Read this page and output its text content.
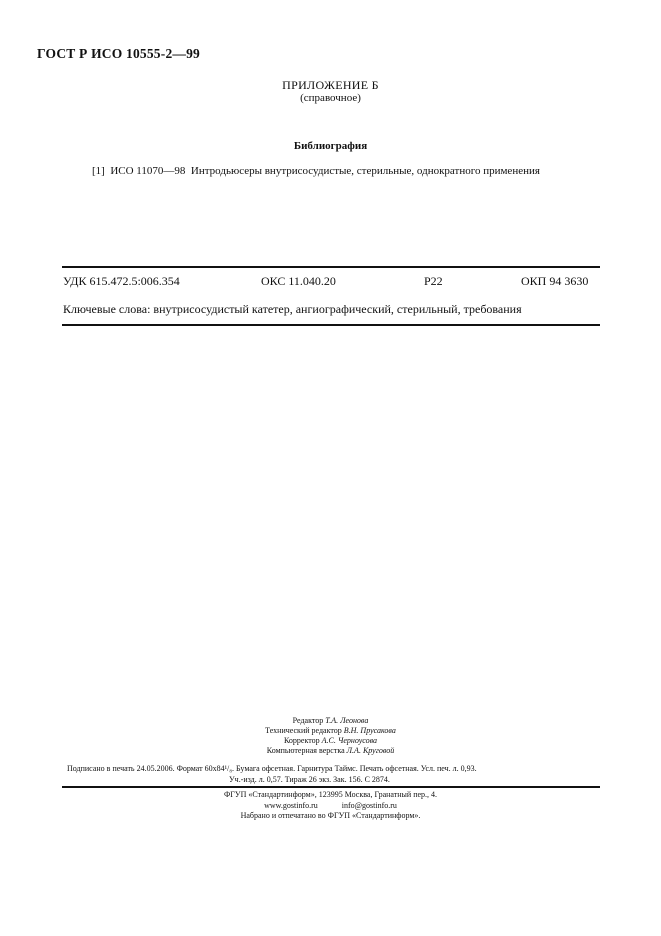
ГОСТ Р ИСО 10555-2—99
ПРИЛОЖЕНИЕ Б
(справочное)
Библиография
[1] ИСО 11070—98 Интродьюсеры внутрисосудистые, стерильные, однократного применения
УДК 615.472.5:006.354	ОКС 11.040.20	Р22	ОКП 94 3630
Ключевые слова: внутрисосудистый катетер, ангиографический, стерильный, требования
Редактор Т.А. Леонова
Технический редактор В.Н. Прусакова
Корректор А.С. Черноусова
Компьютерная верстка Л.А. Круговой
Подписано в печать 24.05.2006. Формат 60x84¹/₈. Бумага офсетная. Гарнитура Таймс. Печать офсетная. Усл. печ. л. 0,93.
Уч.-изд. л. 0,57. Тираж 26 экз. Зак. 156. С 2874.
ФГУП «Стандартинформ», 123995 Москва, Гранатный пер., 4.
www.gostinfo.ru	info@gostinfo.ru
Набрано и отпечатано во ФГУП «Стандартинформ».
